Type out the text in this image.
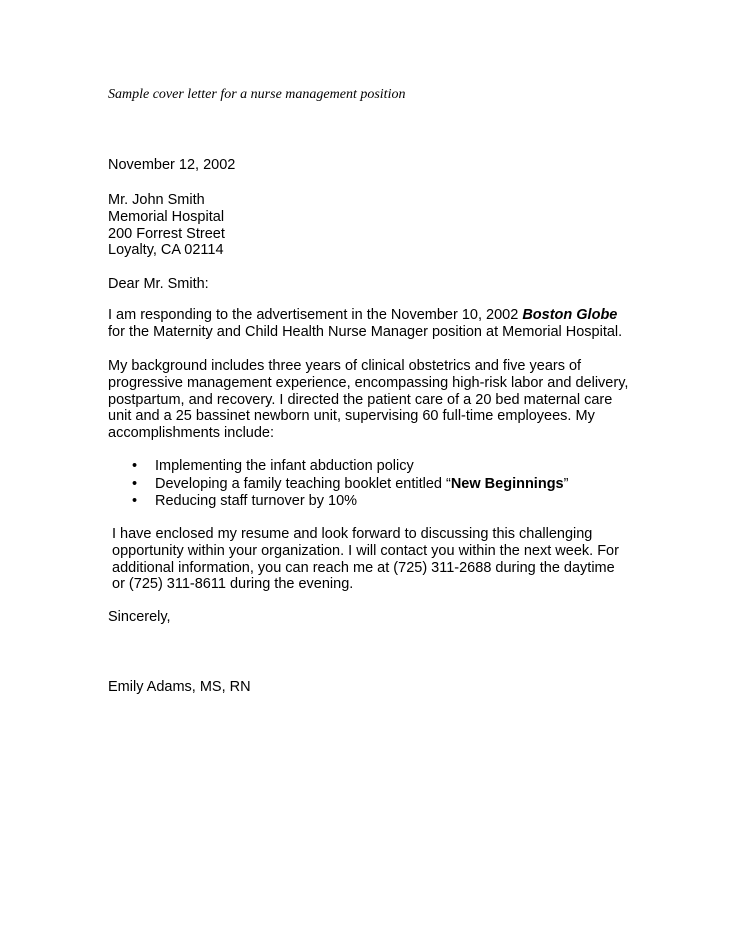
Sample cover letter for a nurse management position
November 12, 2002
Mr. John Smith
Memorial Hospital
200 Forrest Street
Loyalty, CA 02114
Dear Mr. Smith:
I am responding to the advertisement in the November 10, 2002 Boston Globe
for the Maternity and Child Health Nurse Manager position at Memorial Hospital.
My background includes three years of clinical obstetrics and five years of
progressive management experience, encompassing high-risk labor and delivery,
postpartum, and recovery. I directed the patient care of a 20 bed maternal care
unit and a 25 bassinet newborn unit, supervising 60 full-time employees. My
accomplishments include:
•	Implementing the infant abduction policy
•	Developing a family teaching booklet entitled “New Beginnings”
•	Reducing staff turnover by 10%
I have enclosed my resume and look forward to discussing this challenging
opportunity within your organization. I will contact you within the next week. For
additional information, you can reach me at (725) 311-2688 during the daytime
or (725) 311-8611 during the evening.
Sincerely,
Emily Adams, MS, RN
